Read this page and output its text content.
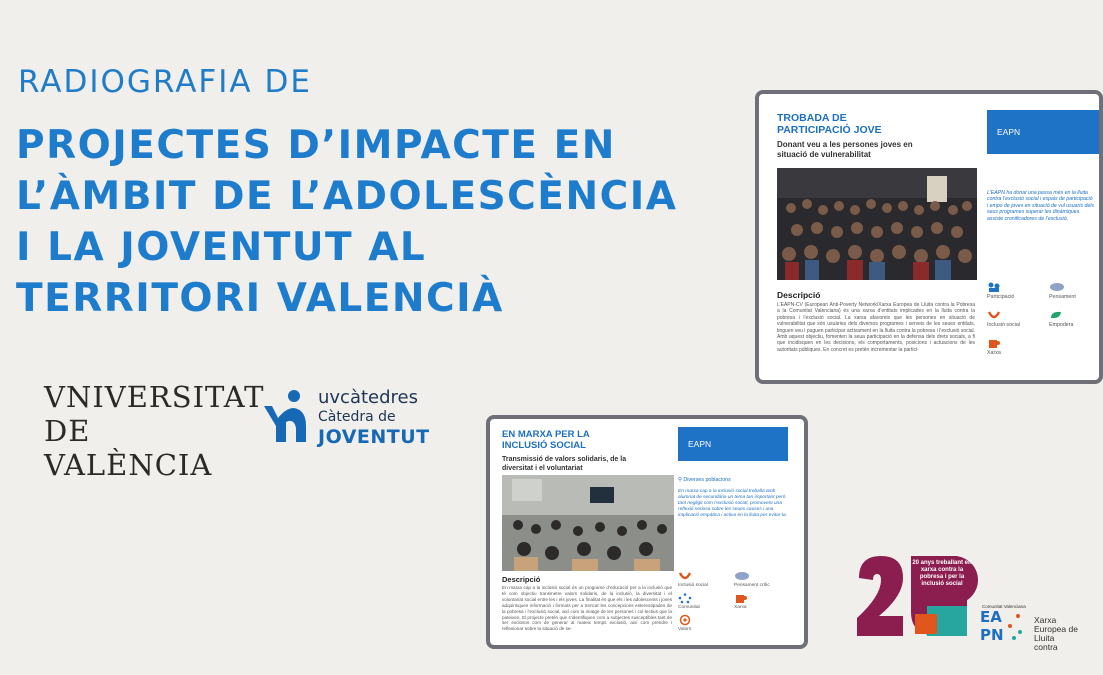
RADIOGRAFIA DE
PROJECTES D’IMPACTE EN
L’ÀMBIT DE L’ADOLESCÈNCIA
I LA JOVENTUT AL
TERRITORI VALENCIÀ
VNIVERSITAT
DE VALÈNCIA
uvcàtedres
Càtedra de
JOVENTUT
TROBADA DE PARTICIPACIÓ JOVE
Donant veu a les persones joves en situació de vulnerabilitat
EAPN
L’EAPN ha donat una passa més en la lluita contra l’exclusió social i espais de participació i empo de joves en situació de vul usuaris dels seus programes superar les dinàmiques assiste cronificadores de l’exclusió.
Descripció
L’EAPN-CV (European Anti-Poverty Network/Xarxa Europea de Lluita contra la Pobresa a la Comunitat Valenciana) és una xarxa d’entitats implicades en la lluita contra la pobresa i l’exclusió social. La xarxa afavoreix que les persones en situació de vulnerabilitat que són usuàries dels diversos programes i serveis de les seues entitats, tinguen veu i puguen participar activament en la lluita contra la pobresa i l’exclusió social. Amb aquest objectiu, fomenten la seua participació en la defensa dels drets socials, a fi que incidisquen en les decisions, els comportaments, posicions i actuacions de les autoritats públiques. En concret es pretén incrementar la partici-
Participació	Pensament
Inclusió social	Empodera
Xarxa
EN MARXA PER LA INCLUSIÓ SOCIAL
Transmissió de valors solidaris, de la diversitat i el voluntariat
EAPN
⚲ Diverses poblacions
En marxa cap a la inclusió social treballa amb alumnat de secundària un tema tan important però tant negligit com l’exclusió social, promovent una reflexió seriosa sobre les seues causes i una implicació empàtica i activa en la lluita per evitar-la.
Descripció
En marxa cap a la inclusió social és un programe d’educació per a la inclusió que té com objectiu transmetre valors solidaris, de la inclusió, la diversitat i el voluntariat social entre les i els joves. La finalitat és que els i les adolescents i joves adquirisquen informació i formats per a trencar les concepcions estereotipades de la pobresa i l’exclusió social, així com la imatge de les persones i col·lectius que la pateixen. El projecte pretén que s’identifiquen com a subjectes susceptibles tant de ser exclosos com de generar al mateix temps exclusió, així com prendre i reflexionar sobre la situació de se-
Inclusió social	Pensament crític
Comunitat	Xarxa
Valors
20 anys treballant en xarxa contra la pobresa i per la inclusió social
EA
PN
Xarxa Europea de Lluita contra
Comunitat Valenciana
